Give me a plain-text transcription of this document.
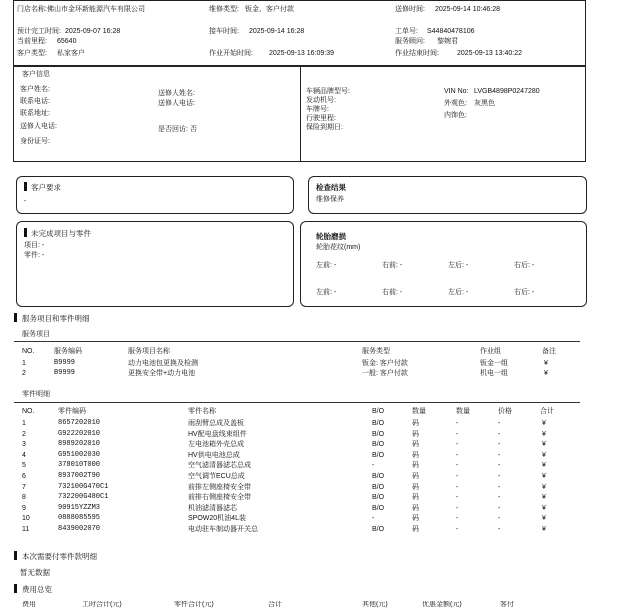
门店名称: 佛山市金环新能源汽车有限公司	维修类型: 钣金、客户付款	送修时间: 2025-09-14 10:46:28
预计完工时间: 2025-09-07 16:28	接车时间: 2025-09-14 16:28	工单号: S44840478106
当前里程: 65640	服务顾问: 黎婉君
客户类型: 私家客户	作业开始时间: 2025-09-13 16:09:39	作业结束时间:	2025-09-13 13:40:22
客户信息
客户姓名:
联系电话:
联系地址:
送修人电话:
身份证号:
送修人姓名:
送修人电话:
是否回访: 否
车辆品牌型号:
发动机号:
车牌号:
行驶里程:
保险到期日:
VIN No: LVGB4898P0247280
外观色: 灰黑色
内饰色:
客户要求
-
检查结果
维修保养
未完成项目与零件
项目: -
零件: -
轮胎磨损
轮胎花纹(mm)
左前: -	右前: -	左后: -	右后: -
左前: -	右前: -	左后: -	右后: -
服务项目和零件明细
服务项目
NO.	服务编码	服务项目名称	服务类型	作业组	备注
1	B9999	动力电池包更换及检测	钣金: 客户付款	钣金一组	¥
2	B9999	更换安全带+动力电池	一般: 客户付款	机电一组	¥
零件明细
NO.	零件编码	零件名称	B/O	数量	数量	价格	合计
1	8657202010	雨刮臂总成及盖板	B/O	码	-	-	¥
2	G922202010	HV配电盘线束组件	B/O	码	-	-	¥
3	8989202010	左电池箱外壳总成	B/O	码	-	-	¥
4	G951002030	HV供电电池总成	B/O	码	-	-	¥
5	378010T000	空气滤清器滤芯总成	-	码	-	-	¥
6	8937002T90	空气调节ECU总成	B/O	码	-	-	¥
7	732100G470C1	前排左侧座椅安全带	B/O	码	-	-	¥
8	732200G480C1	前排右侧座椅安全带	B/O	码	-	-	¥
9	90915YZZM3	机油滤清器滤芯	B/O	码	-	-	¥
10	0888085595	SPOW20机油4L装	-	码	-	-	¥
11	8439002070	电动驻车制动器开关总	B/O	码	-	-	¥
本次需要付零件款明细
暂无数据
费用总览
费用	工时合计(元)	零件合计(元)	合计	其他(元)	优惠金额(元)	客付
